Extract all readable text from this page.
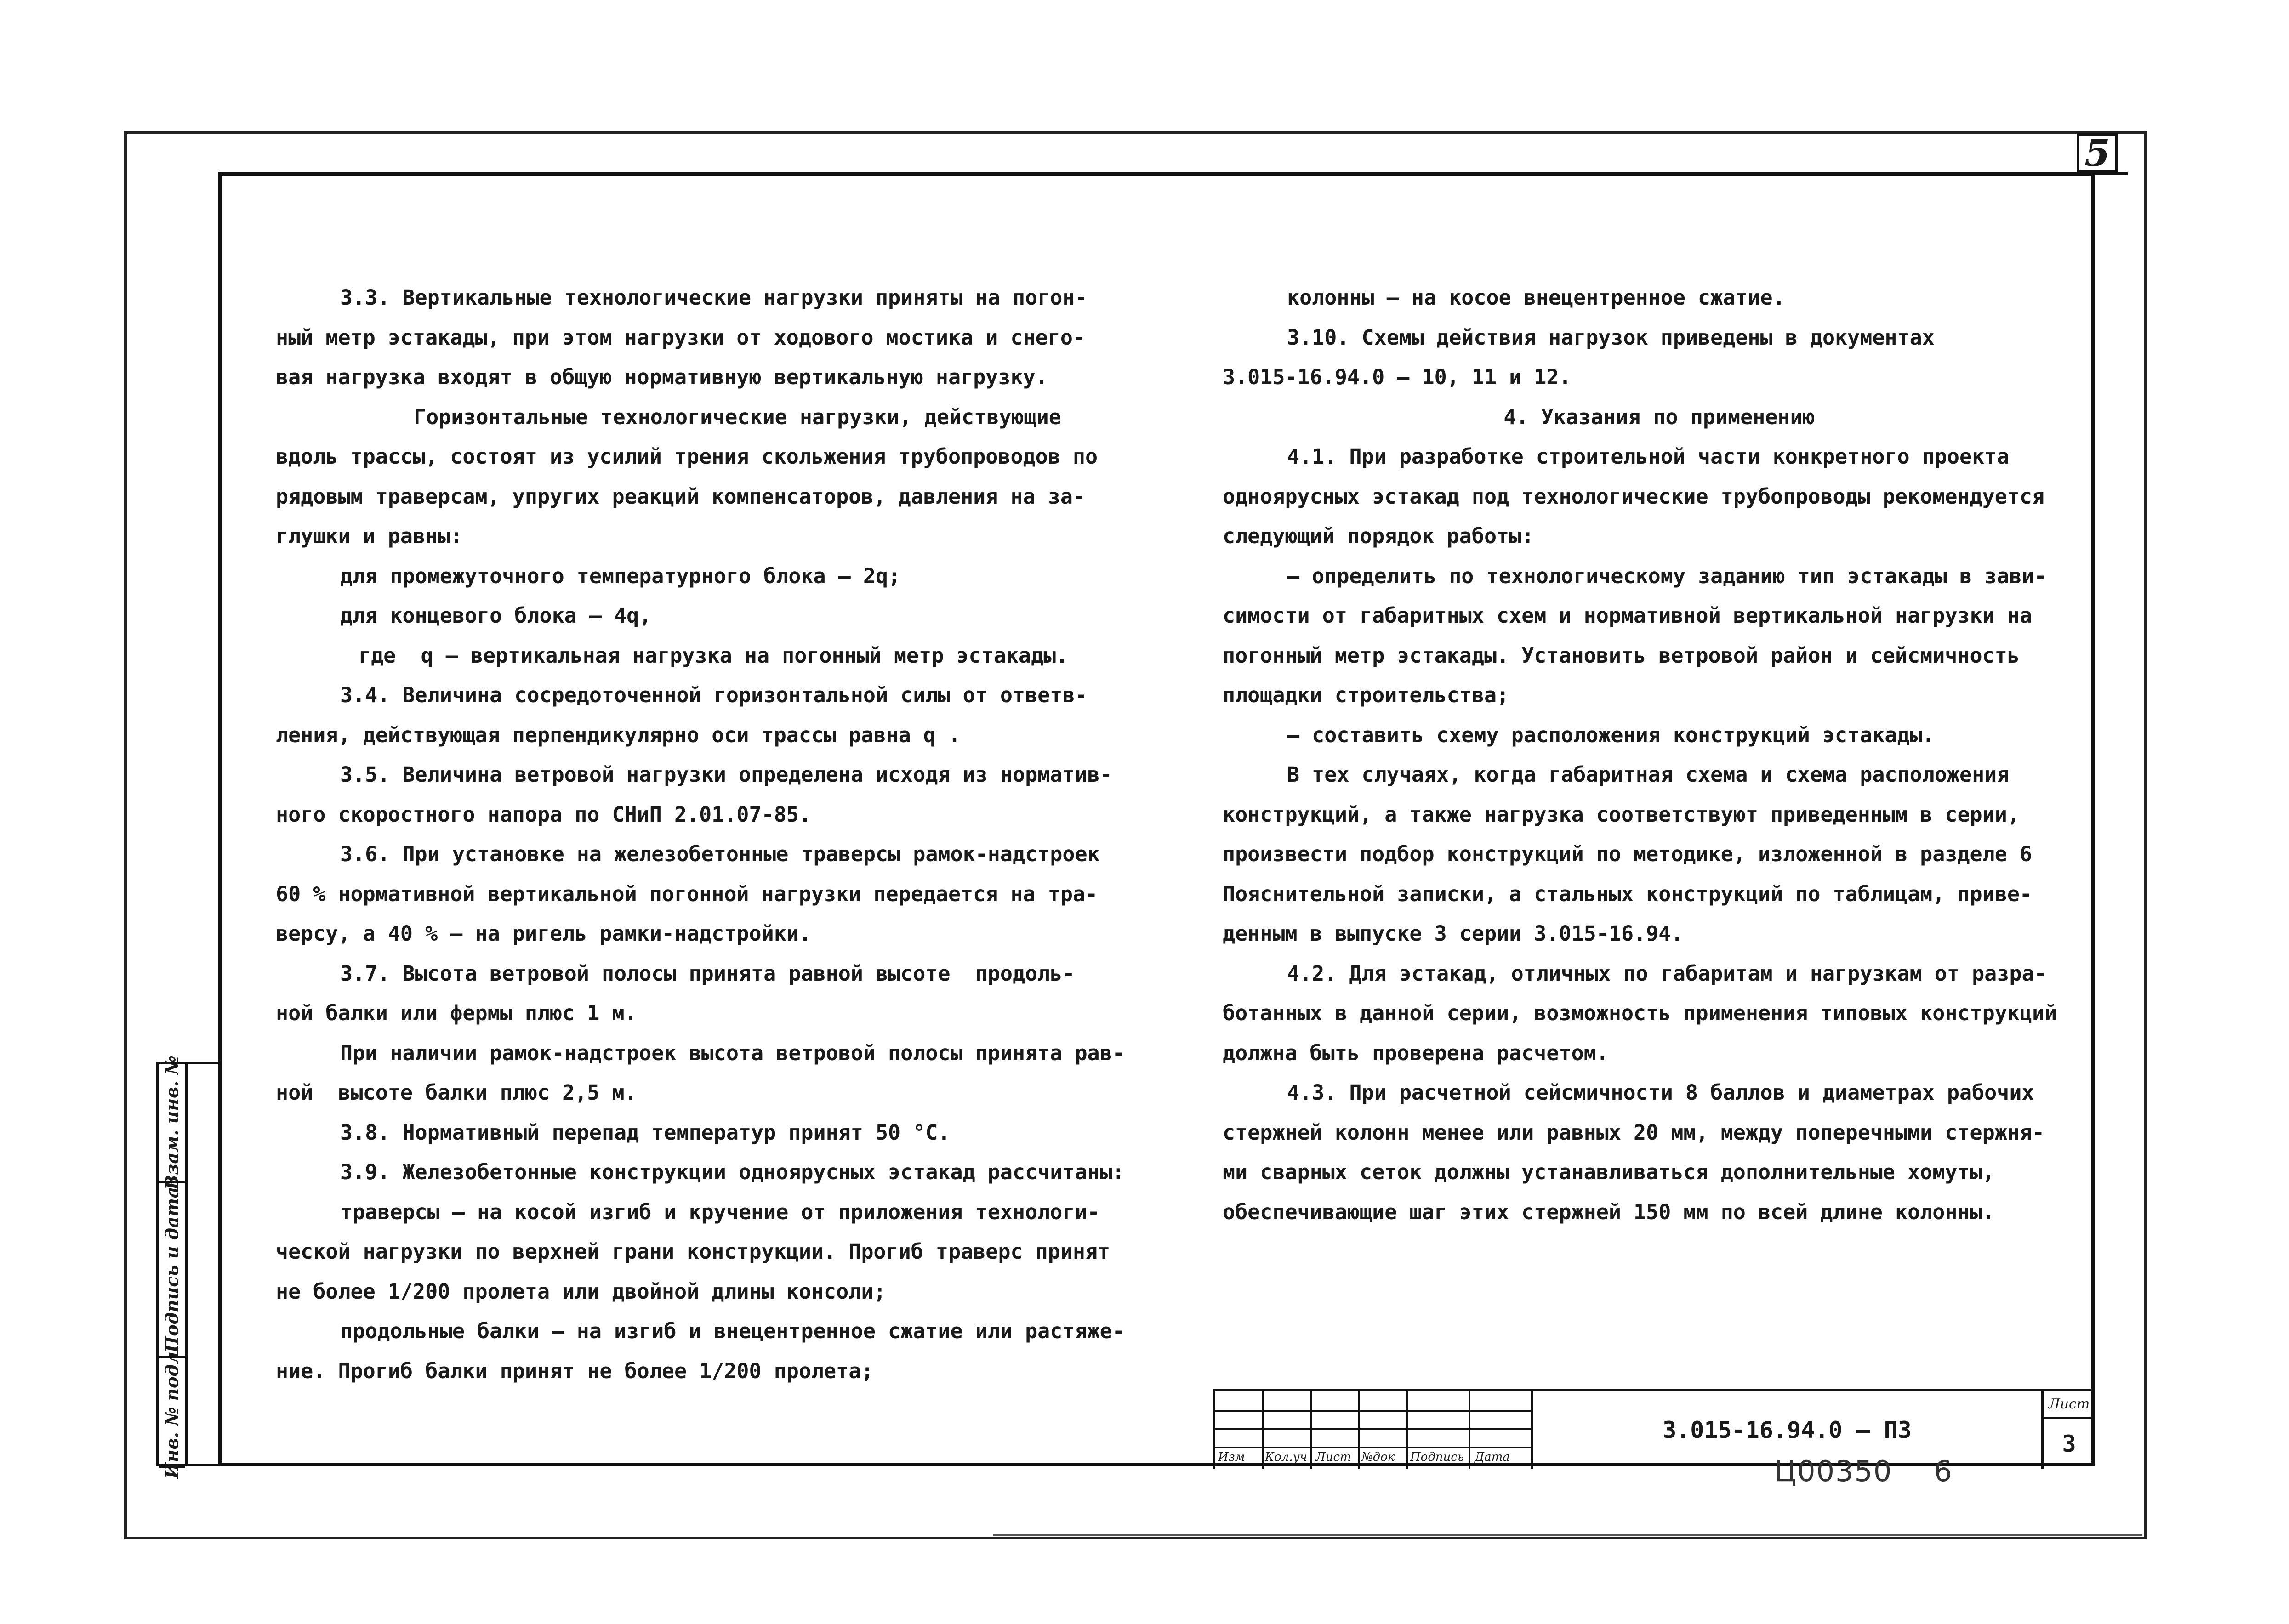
5
Инв. № подл.
Подпись и дата
Взам. инв. №

3.3. Вертикальные технологические нагрузки приняты на погон-

ный метр эстакады, при этом нагрузки от ходового мостика и снего-

вая нагрузка входят в общую нормативную вертикальную нагрузку.

Горизонтальные технологические нагрузки, действующие

вдоль трассы, состоят из усилий трения скольжения трубопроводов по

рядовым траверсам, упругих реакций компенсаторов, давления на за-

глушки и равны:

для промежуточного температурного блока – 2q;

для концевого блока – 4q,

где  q – вертикальная нагрузка на погонный метр эстакады.

3.4. Величина сосредоточенной горизонтальной силы от ответв-

ления, действующая перпендикулярно оси трассы равна q .

3.5. Величина ветровой нагрузки определена исходя из норматив-

ного скоростного напора по СНиП 2.01.07-85.

3.6. При установке на железобетонные траверсы рамок-надстроек

60 % нормативной вертикальной погонной нагрузки передается на тра-

версу, а 40 % – на ригель рамки-надстройки.

3.7. Высота ветровой полосы принята равной высоте  продоль-

ной балки или фермы плюс 1 м.

При наличии рамок-надстроек высота ветровой полосы принята рав-

ной  высоте балки плюс 2,5 м.

3.8. Нормативный перепад температур принят 50 °С.

3.9. Железобетонные конструкции одноярусных эстакад рассчитаны:

траверсы – на косой изгиб и кручение от приложения технологи-

ческой нагрузки по верхней грани конструкции. Прогиб траверс принят

не более 1/200 пролета или двойной длины консоли;

продольные балки – на изгиб и внецентренное сжатие или растяже-

ние. Прогиб балки принят не более 1/200 пролета;

колонны – на косое внецентренное сжатие.

3.10. Схемы действия нагрузок приведены в документах

3.015-16.94.0 – 10, 11 и 12.

4. Указания по применению

4.1. При разработке строительной части конкретного проекта

одноярусных эстакад под технологические трубопроводы рекомендуется

следующий порядок работы:

– определить по технологическому заданию тип эстакады в зави-

симости от габаритных схем и нормативной вертикальной нагрузки на

погонный метр эстакады. Установить ветровой район и сейсмичность

площадки строительства;

– составить схему расположения конструкций эстакады.

В тех случаях, когда габаритная схема и схема расположения

конструкций, а также нагрузка соответствуют приведенным в серии,

произвести подбор конструкций по методике, изложенной в разделе 6

Пояснительной записки, а стальных конструкций по таблицам, приве-

денным в выпуске 3 серии 3.015-16.94.

4.2. Для эстакад, отличных по габаритам и нагрузкам от разра-

ботанных в данной серии, возможность применения типовых конструкций

должна быть проверена расчетом.

4.3. При расчетной сейсмичности 8 баллов и диаметрах рабочих

стержней колонн менее или равных 20 мм, между поперечными стержня-

ми сварных сеток должны устанавливаться дополнительные хомуты,

обеспечивающие шаг этих стержней 150 мм по всей длине колонны.

Изм Кол.уч Лист №док Подпись Дата
3.015-16.94.0 – ПЗ
Лист
3
Ц00350 6
